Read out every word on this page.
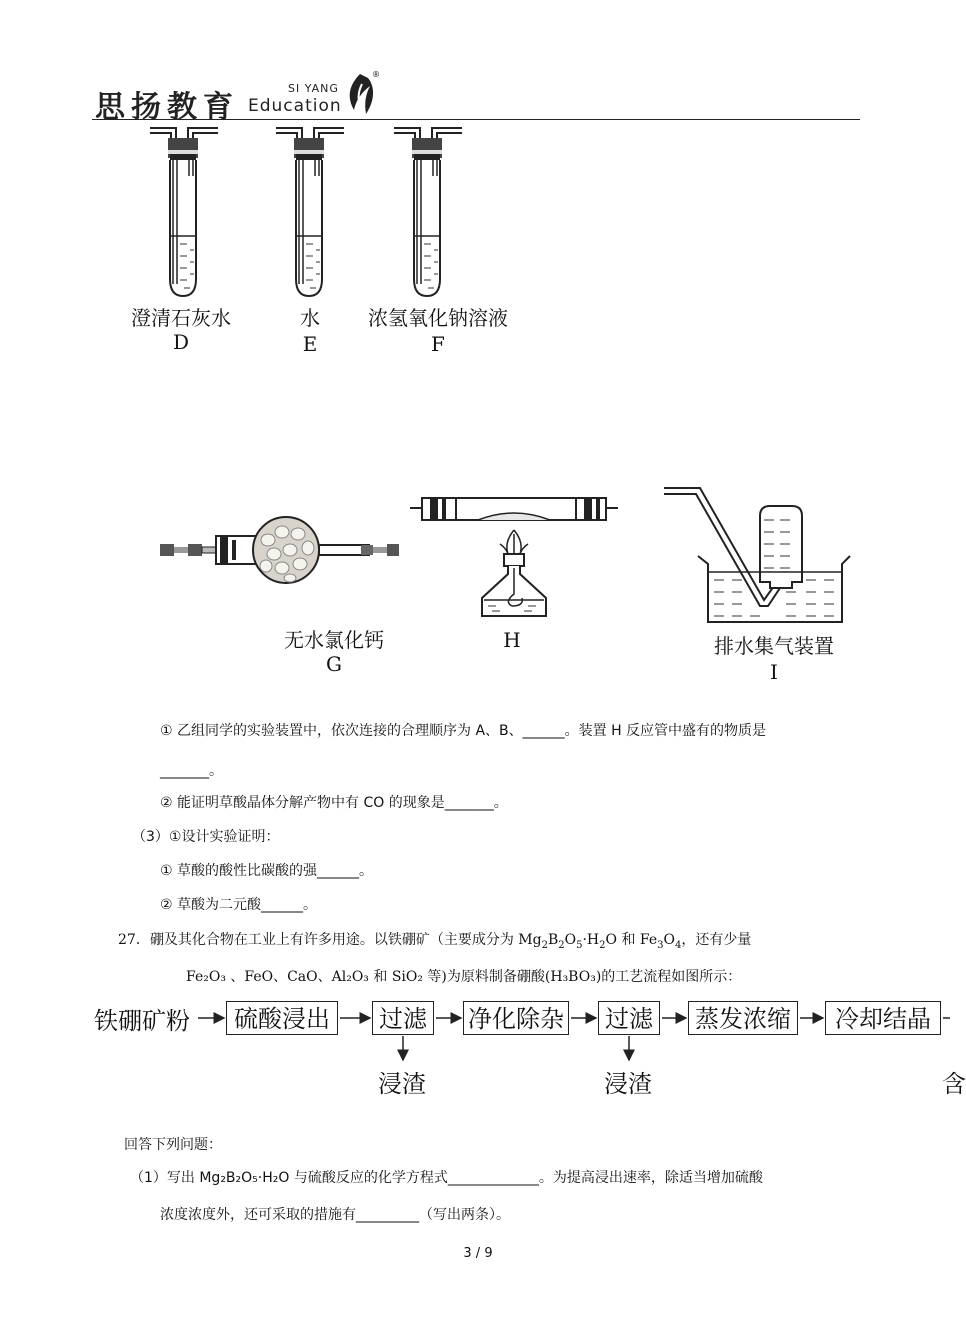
思扬教育
SI YANG
Education
®
澄清石灰水
D
水
E
浓氢氧化钠溶液
F
无水氯化钙
G
H	排水集气装置
I
① 乙组同学的实验装置中，依次连接的合理顺序为 A、B、______。装置 H 反应管中盛有的物质是
_______。
② 能证明草酸晶体分解产物中有 CO 的现象是_______。
（3）①设计实验证明：
① 草酸的酸性比碳酸的强______。
② 草酸为二元酸______。
27．硼及其化合物在工业上有许多用途。以铁硼矿（主要成分为 $Mg_2B_2O_5\cdot H_2O$ 和 $Fe_3O_4$，还有少量
Fe₂O₃ 、FeO、CaO、Al₂O₃ 和 SiO₂ 等)为原料制备硼酸(H₃BO₃)的工艺流程如图所示：
铁硼矿粉	硫酸浸出	过滤 净化除杂 过滤 蒸发浓缩	冷却结晶
浸渣	浸渣	含
回答下列问题：
（1）写出 Mg₂B₂O₅·H₂O 与硫酸反应的化学方程式_____________。为提高浸出速率，除适当增加硫酸
浓度浓度外，还可采取的措施有_________（写出两条）。
3 / 9
